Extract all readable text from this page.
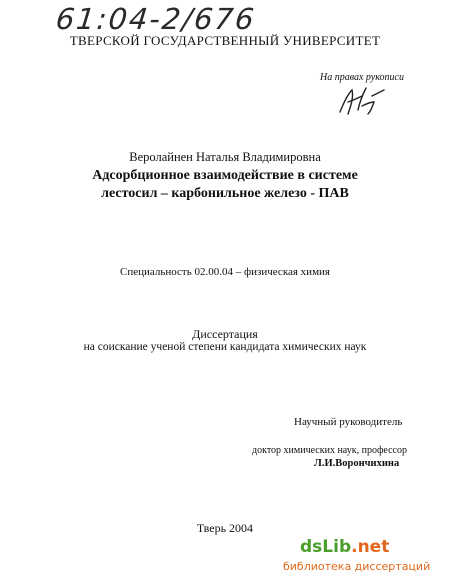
61:04-2/676
ТВЕРСКОЙ ГОСУДАРСТВЕННЫЙ УНИВЕРСИТЕТ
На правах рукописи
Веролайнен Наталья Владимировна
Адсорбционное взаимодействие в системе
лестосил – карбонильное железо - ПАВ
Специальность 02.00.04 – физическая химия
Диссертация
на соискание ученой степени кандидата химических наук
Научный руководитель
доктор химических наук, профессор
Л.И.Ворончихина
Тверь 2004
dsLib.net
библиотека диссертаций
